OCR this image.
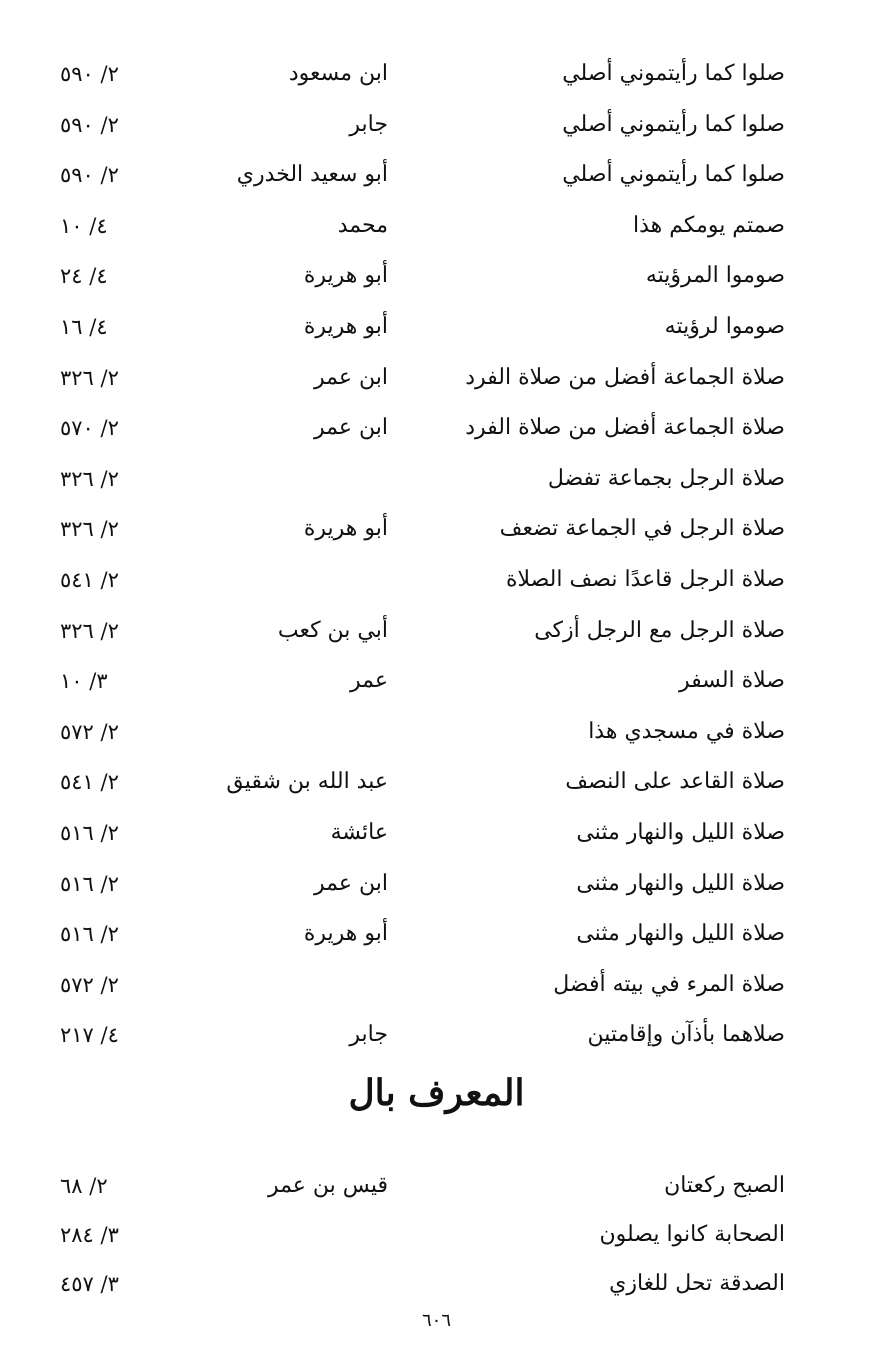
صلوا كما رأيتموني أصلي
ابن مسعود
٢/ ٥٩٠
صلوا كما رأيتموني أصلي
جابر
٢/ ٥٩٠
صلوا كما رأيتموني أصلي
أبو سعيد الخدري
٢/ ٥٩٠
صمتم يومكم هذا
محمد
٤/ ١٠
صوموا المرؤيته
أبو هريرة
٤/ ٢٤
صوموا لرؤيته
أبو هريرة
٤/ ١٦
صلاة الجماعة أفضل من صلاة الفرد
ابن عمر
٢/ ٣٢٦
صلاة الجماعة أفضل من صلاة الفرد
ابن عمر
٢/ ٥٧٠
صلاة الرجل بجماعة تفضل
٢/ ٣٢٦
صلاة الرجل في الجماعة تضعف
أبو هريرة
٢/ ٣٢٦
صلاة الرجل قاعدًا نصف الصلاة
٢/ ٥٤١
صلاة الرجل مع الرجل أزكى
أبي بن كعب
٢/ ٣٢٦
صلاة السفر
عمر
٣/ ١٠
صلاة في مسجدي هذا
٢/ ٥٧٢
صلاة القاعد على النصف
عبد الله بن شقيق
٢/ ٥٤١
صلاة الليل والنهار مثنى
عائشة
٢/ ٥١٦
صلاة الليل والنهار مثنى
ابن عمر
٢/ ٥١٦
صلاة الليل والنهار مثنى
أبو هريرة
٢/ ٥١٦
صلاة المرء في بيته أفضل
٢/ ٥٧٢
صلاهما بأذآن وإقامتين
جابر
٤/ ٢١٧
المعرف بال
الصبح ركعتان
قيس بن عمر
٢/ ٦٨
الصحابة كانوا يصلون
٣/ ٢٨٤
الصدقة تحل للغازي
٣/ ٤٥٧
٦٠٦
